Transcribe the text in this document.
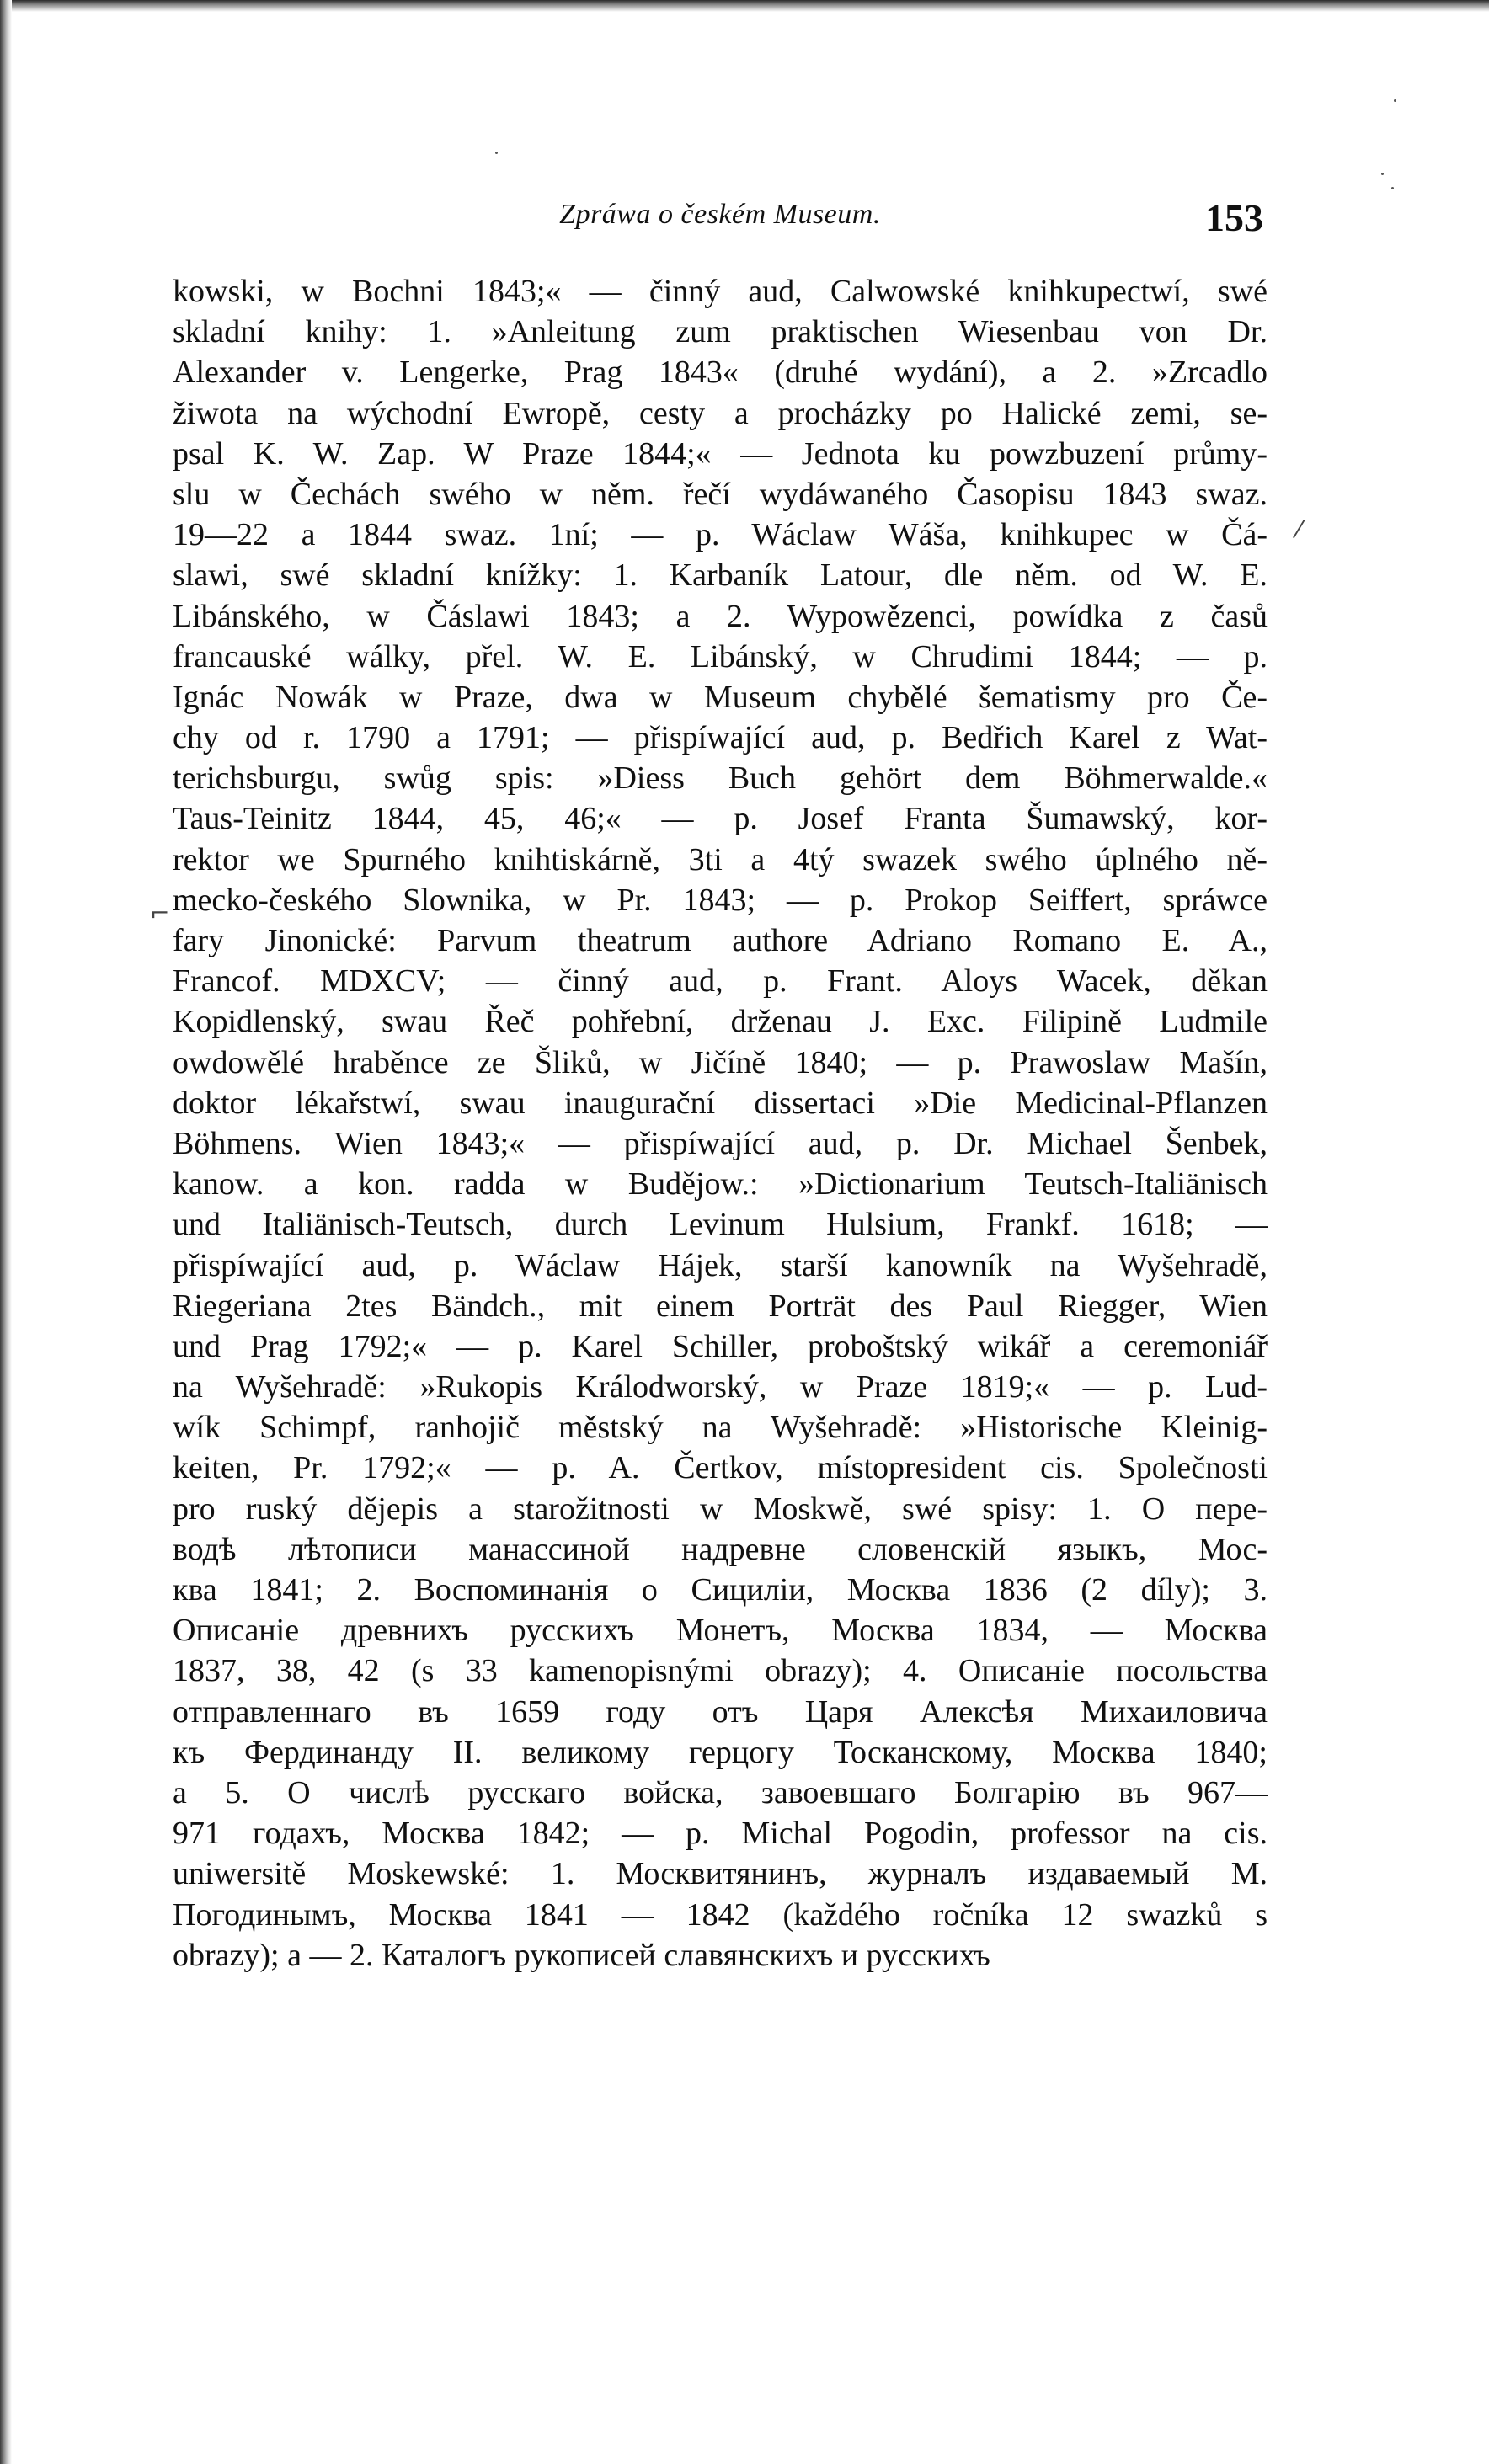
⁄
⌐
Zpráwa o českém Museum.	153
kowski, w Bochni 1843;« — činný aud, Calwowské knihkupectwí, swé
skladní knihy: 1. »Anleitung zum praktischen Wiesenbau von Dr.
Alexander v. Lengerke, Prag 1843« (druhé wydání), a 2. »Zrcadlo
žiwota na wýchodní Ewropě, cesty a procházky po Halické zemi, se-
psal K. W. Zap. W Praze 1844;« — Jednota ku powzbuzení průmy-
slu w Čechách swého w něm. řečí wydáwaného Časopisu 1843 swaz.
19—22 a 1844 swaz. 1ní; — p. Wáclaw Wáša, knihkupec w Čá-
slawi, swé skladní knížky: 1. Karbaník Latour, dle něm. od W. E.
Libánského, w Čáslawi 1843; a 2. Wypowězenci, powídka z časů
francauské wálky, přel. W. E. Libánský, w Chrudimi 1844; — p.
Ignác Nowák w Praze, dwa w Museum chybělé šematismy pro Če-
chy od r. 1790 a 1791; — přispíwající aud, p. Bedřich Karel z Wat-
terichsburgu, swůg spis: »Diess Buch gehört dem Böhmerwalde.«
Taus-Teinitz 1844, 45, 46;« — p. Josef Franta Šumawský, kor-
rektor we Spurného knihtiskárně, 3ti a 4tý swazek swého úplného ně-
mecko-českého Slownika, w Pr. 1843; — p. Prokop Seiffert, spráwce
fary Jinonické: Parvum theatrum authore Adriano Romano E. A.,
Francof. MDXCV; — činný aud, p. Frant. Aloys Wacek, děkan
Kopidlenský, swau Řeč pohřební, drženau J. Exc. Filipině Ludmile
owdowělé hraběnce ze Šliků, w Jičíně 1840; — p. Prawoslaw Mašín,
doktor lékařstwí, swau inaugurační dissertaci »Die Medicinal-Pflanzen
Böhmens. Wien 1843;« — přispíwající aud, p. Dr. Michael Šenbek,
kanow. a kon. radda w Budějow.: »Dictionarium Teutsch-Italiänisch
und Italiänisch-Teutsch, durch Levinum Hulsium, Frankf. 1618; —
přispíwající aud, p. Wáclaw Hájek, starší kanowník na Wyšehradě,
Riegeriana 2tes Bändch., mit einem Porträt des Paul Riegger, Wien
und Prag 1792;« — p. Karel Schiller, proboštský wikář a ceremoniář
na Wyšehradě: »Rukopis Králodworský, w Praze 1819;« — p. Lud-
wík Schimpf, ranhojič městský na Wyšehradě: »Historische Kleinig-
keiten, Pr. 1792;« — p. A. Čertkov, místopresident cis. Společnosti
pro ruský dějepis a starožitnosti w Moskwě, swé spisy: 1. О перe-
водѣ лѣтописи манассиной надревне словенскій языкъ, Мос-
ква 1841; 2. Воспоминанія о Сициліи, Москва 1836 (2 díly); 3.
Описаніе древнихъ русскихъ Монетъ, Москва 1834, — Москва
1837, 38, 42 (s 33 kamenopisnými obrazy); 4. Описаніе посольства
отправленнаго въ 1659 году отъ Царя Алексѣя Михаиловича
къ Фердинанду II. великому герцогу Тосканскому, Москва 1840;
a 5. О числѣ русскаго войска, завоевшаго Болгарію въ 967—
971 годахъ, Москва 1842; — p. Michal Pogodin, professor na cis.
uniwersitě Moskewské: 1. Москвитянинъ, журналъ издаваемый М.
Погодинымъ, Москва 1841 — 1842 (každého ročníka 12 swazků s
obrazy); a — 2. Каталогъ рукописей славянскихъ и русскихъ
